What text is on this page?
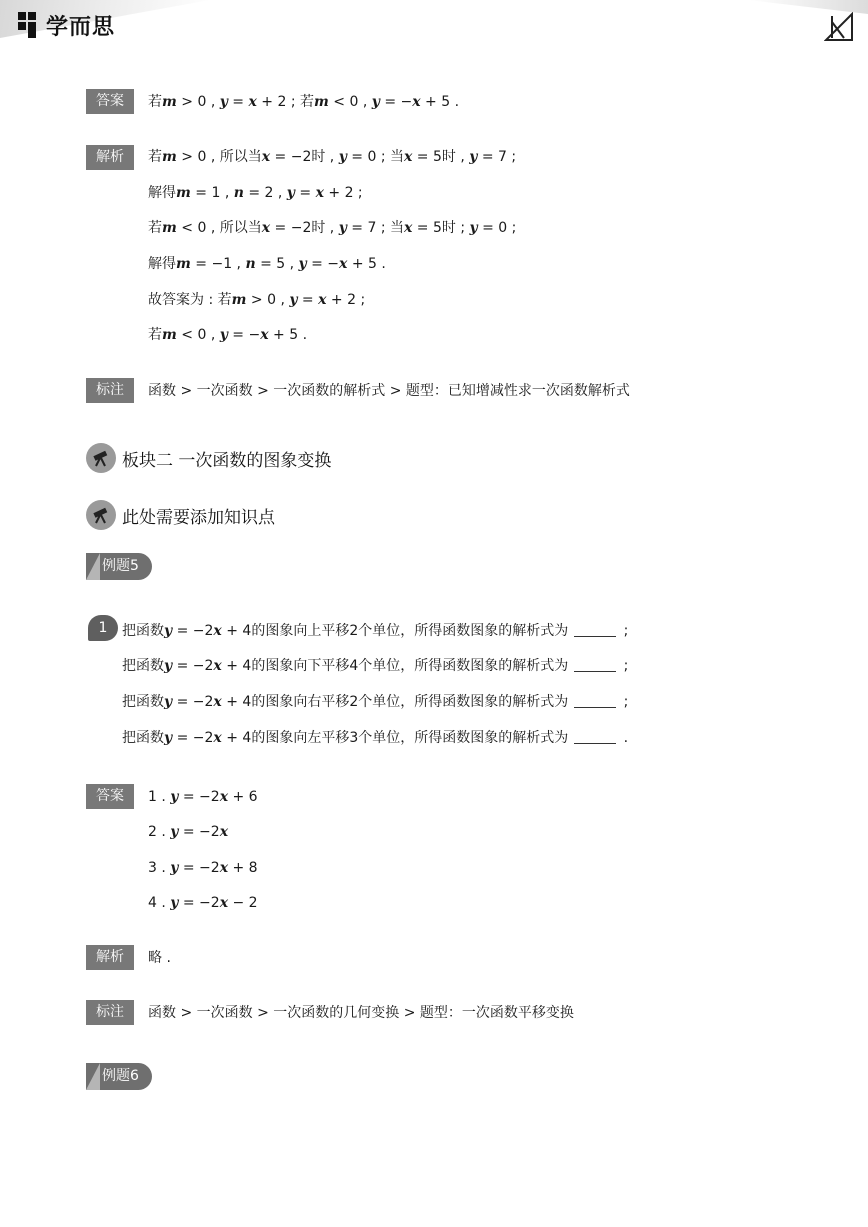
学而思
答案	若m > 0 , y = x + 2 ; 若m < 0 , y = −x + 5 .
解析	若m > 0 , 所以当x = −2时 , y = 0 ; 当x = 5时 , y = 7 ;
解得m = 1 , n = 2 , y = x + 2 ;
若m < 0 , 所以当x = −2时 , y = 7 ; 当x = 5时 ; y = 0 ;
解得m = −1 , n = 5 , y = −x + 5 .
故答案为 : 若m > 0 , y = x + 2 ;
若m < 0 , y = −x + 5 .
标注	函数 > 一次函数 > 一次函数的解析式 > 题型：已知增减性求一次函数解析式
板块二 一次函数的图象变换
此处需要添加知识点
例题5
1	把函数y = −2x + 4的图象向上平移2个单位，所得函数图象的解析式为	;
把函数y = −2x + 4的图象向下平移4个单位，所得函数图象的解析式为	;
把函数y = −2x + 4的图象向右平移2个单位，所得函数图象的解析式为	;
把函数y = −2x + 4的图象向左平移3个单位，所得函数图象的解析式为	.
答案	1 . y = −2x + 6
2 . y = −2x
3 . y = −2x + 8
4 . y = −2x − 2
解析	略 .
标注	函数 > 一次函数 > 一次函数的几何变换 > 题型：一次函数平移变换
例题6
